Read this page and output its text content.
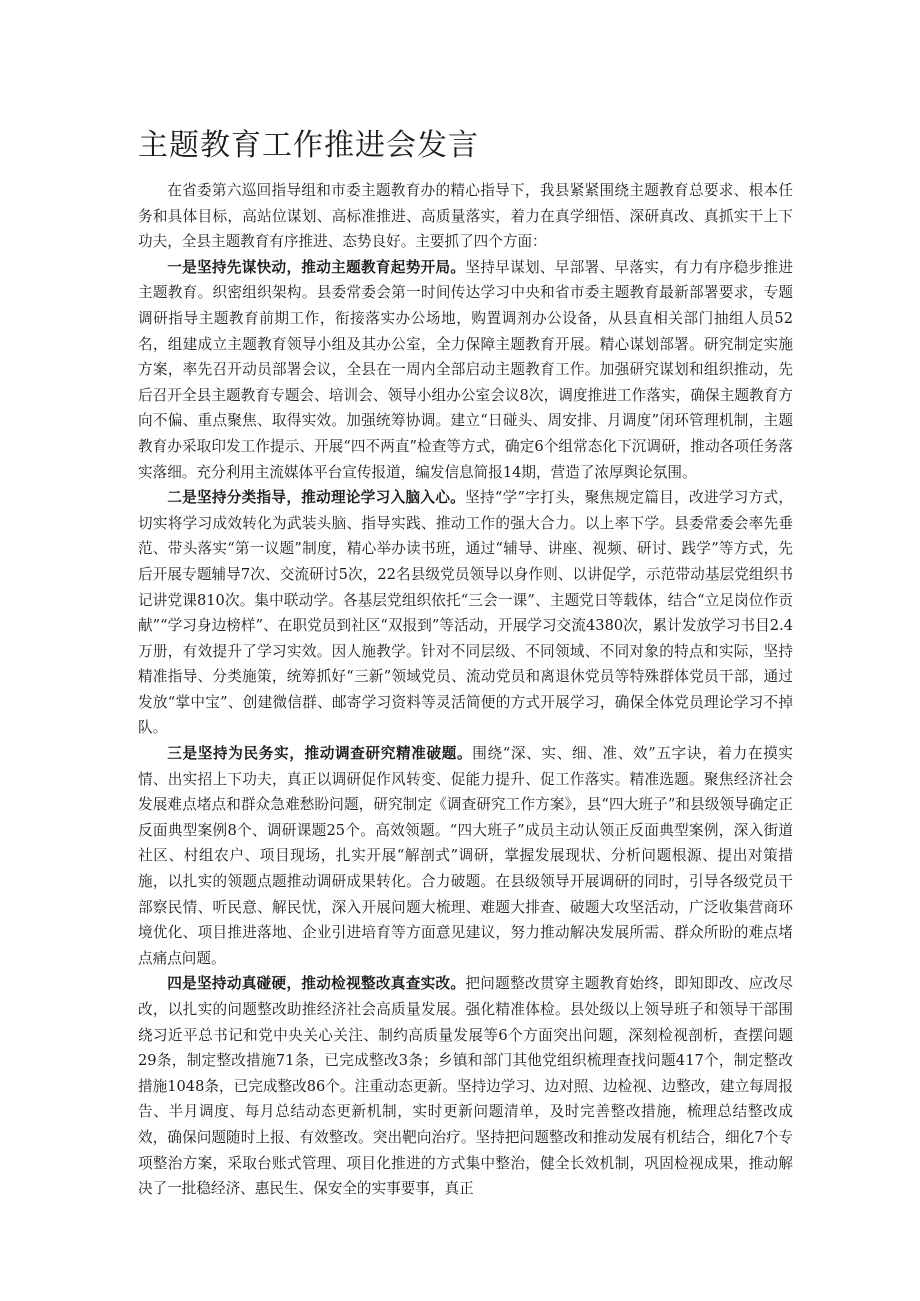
主题教育工作推进会发言

在省委第六巡回指导组和市委主题教育办的精心指导下，我县紧紧围绕主题教育总要求、根本任务和具体目标，高站位谋划、高标准推进、高质量落实，着力在真学细悟、深研真改、真抓实干上下功夫，全县主题教育有序推进、态势良好。主要抓了四个方面：

一是坚持先谋快动，推动主题教育起势开局。坚持早谋划、早部署、早落实，有力有序稳步推进主题教育。织密组织架构。县委常委会第一时间传达学习中央和省市委主题教育最新部署要求，专题调研指导主题教育前期工作，衔接落实办公场地，购置调剂办公设备，从县直相关部门抽组人员52名，组建成立主题教育领导小组及其办公室，全力保障主题教育开展。精心谋划部署。研究制定实施方案，率先召开动员部署会议，全县在一周内全部启动主题教育工作。加强研究谋划和组织推动，先后召开全县主题教育专题会、培训会、领导小组办公室会议8次，调度推进工作落实，确保主题教育方向不偏、重点聚焦、取得实效。加强统筹协调。建立“日碰头、周安排、月调度”闭环管理机制，主题教育办采取印发工作提示、开展“四不两直”检查等方式，确定6个组常态化下沉调研，推动各项任务落实落细。充分利用主流媒体平台宣传报道，编发信息简报14期，营造了浓厚舆论氛围。

二是坚持分类指导，推动理论学习入脑入心。坚持“学”字打头，聚焦规定篇目，改进学习方式，切实将学习成效转化为武装头脑、指导实践、推动工作的强大合力。以上率下学。县委常委会率先垂范、带头落实“第一议题”制度，精心举办读书班，通过“辅导、讲座、视频、研讨、践学”等方式，先后开展专题辅导7次、交流研讨5次，22名县级党员领导以身作则、以讲促学，示范带动基层党组织书记讲党课810次。集中联动学。各基层党组织依托“三会一课”、主题党日等载体，结合“立足岗位作贡献”“学习身边榜样”、在职党员到社区“双报到”等活动，开展学习交流4380次，累计发放学习书目2.4万册，有效提升了学习实效。因人施教学。针对不同层级、不同领域、不同对象的特点和实际，坚持精准指导、分类施策，统筹抓好“三新”领域党员、流动党员和离退休党员等特殊群体党员干部，通过发放“掌中宝”、创建微信群、邮寄学习资料等灵活简便的方式开展学习，确保全体党员理论学习不掉队。

三是坚持为民务实，推动调查研究精准破题。围绕“深、实、细、准、效”五字诀，着力在摸实情、出实招上下功夫，真正以调研促作风转变、促能力提升、促工作落实。精准选题。聚焦经济社会发展难点堵点和群众急难愁盼问题，研究制定《调查研究工作方案》，县“四大班子”和县级领导确定正反面典型案例8个、调研课题25个。高效领题。“四大班子”成员主动认领正反面典型案例，深入街道社区、村组农户、项目现场，扎实开展“解剖式”调研，掌握发展现状、分析问题根源、提出对策措施，以扎实的领题点题推动调研成果转化。合力破题。在县级领导开展调研的同时，引导各级党员干部察民情、听民意、解民忧，深入开展问题大梳理、难题大排查、破题大攻坚活动，广泛收集营商环境优化、项目推进落地、企业引进培育等方面意见建议，努力推动解决发展所需、群众所盼的难点堵点痛点问题。

四是坚持动真碰硬，推动检视整改真查实改。把问题整改贯穿主题教育始终，即知即改、应改尽改，以扎实的问题整改助推经济社会高质量发展。强化精准体检。县处级以上领导班子和领导干部围绕习近平总书记和党中央关心关注、制约高质量发展等6个方面突出问题，深刻检视剖析，查摆问题29条，制定整改措施71条，已完成整改3条；乡镇和部门其他党组织梳理查找问题417个，制定整改措施1048条，已完成整改86个。注重动态更新。坚持边学习、边对照、边检视、边整改，建立每周报告、半月调度、每月总结动态更新机制，实时更新问题清单，及时完善整改措施，梳理总结整改成效，确保问题随时上报、有效整改。突出靶向治疗。坚持把问题整改和推动发展有机结合，细化7个专项整治方案，采取台账式管理、项目化推进的方式集中整治，健全长效机制，巩固检视成果，推动解决了一批稳经济、惠民生、保安全的实事要事，真正
